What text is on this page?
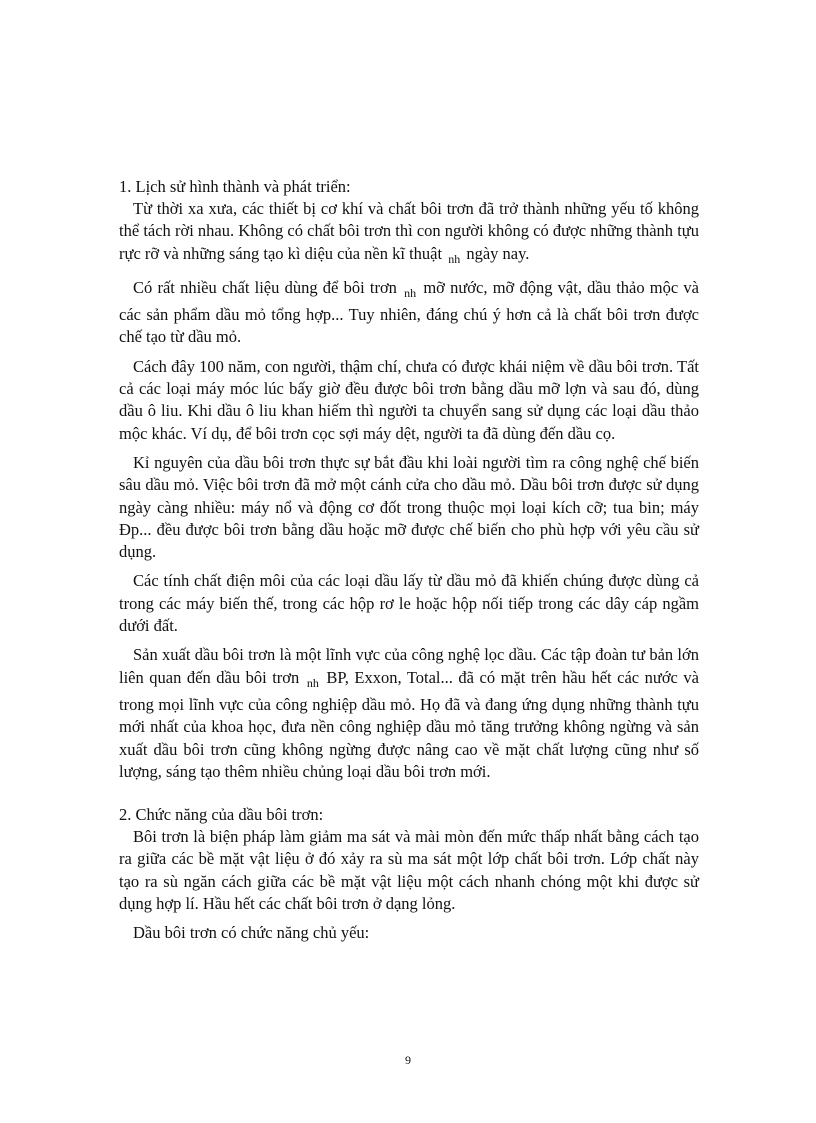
1. Lịch sử hình thành và phát triển:

Từ thời xa xưa, các thiết bị cơ khí và chất bôi trơn đã trở thành những yếu tố không thể tách rời nhau. Không có chất bôi trơn thì con người không có được những thành tựu rực rỡ và những sáng tạo kì diệu của nền kĩ thuật $_{nh}$ ngày nay.

Có rất nhiều chất liệu dùng để bôi trơn $_{nh}$ mỡ nước, mỡ động vật, dầu thảo mộc và các sản phẩm dầu mỏ tổng hợp... Tuy nhiên, đáng chú ý hơn cả là chất bôi trơn được chế tạo từ dầu mỏ.

Cách đây 100 năm, con người, thậm chí, chưa có được khái niệm về dầu bôi trơn. Tất cả các loại máy móc lúc bấy giờ đều được bôi trơn bằng dầu mỡ lợn và sau đó, dùng dầu ô liu. Khi dầu ô liu khan hiếm thì người ta chuyển sang sử dụng các loại dầu thảo mộc khác. Ví dụ, để bôi trơn cọc sợi máy dệt, người ta đã dùng đến dầu cọ.

Kỉ nguyên của dầu bôi trơn thực sự bắt đầu khi loài người tìm ra công nghệ chế biến sâu dầu mỏ. Việc bôi trơn đã mở một cánh cửa cho dầu mỏ. Dầu bôi trơn được sử dụng ngày càng nhiều: máy nổ và động cơ đốt trong thuộc mọi loại kích cỡ; tua bin; máy Đp... đều được bôi trơn bằng dầu hoặc mỡ được chế biến cho phù hợp với yêu cầu sử dụng.

Các tính chất điện môi của các loại dầu lấy từ dầu mỏ đã khiến chúng được dùng cả trong các máy biến thế, trong các hộp rơ le hoặc hộp nối tiếp trong các dây cáp ngầm dưới đất.

Sản xuất dầu bôi trơn là một lĩnh vực của công nghệ lọc dầu. Các tập đoàn tư bản lớn liên quan đến dầu bôi trơn $_{nh}$ BP, Exxon, Total... đã có mặt trên hầu hết các nước và trong mọi lĩnh vực của công nghiệp dầu mỏ. Họ đã và đang ứng dụng những thành tựu mới nhất của khoa học, đưa nền công nghiệp dầu mỏ tăng trưởng không ngừng và sản xuất dầu bôi trơn cũng không ngừng được nâng cao về mặt chất lượng cũng như số lượng, sáng tạo thêm nhiều chủng loại dầu bôi trơn mới.

2. Chức năng của dầu bôi trơn:

Bôi trơn là biện pháp làm giảm ma sát và mài mòn đến mức thấp nhất bằng cách tạo ra giữa các bề mặt vật liệu ở đó xảy ra sù ma sát một lớp chất bôi trơn. Lớp chất này tạo ra sù ngăn cách giữa các bề mặt vật liệu một cách nhanh chóng một khi được sử dụng hợp lí. Hầu hết các chất bôi trơn ở dạng lỏng.

Dầu bôi trơn có chức năng chủ yếu:

9
